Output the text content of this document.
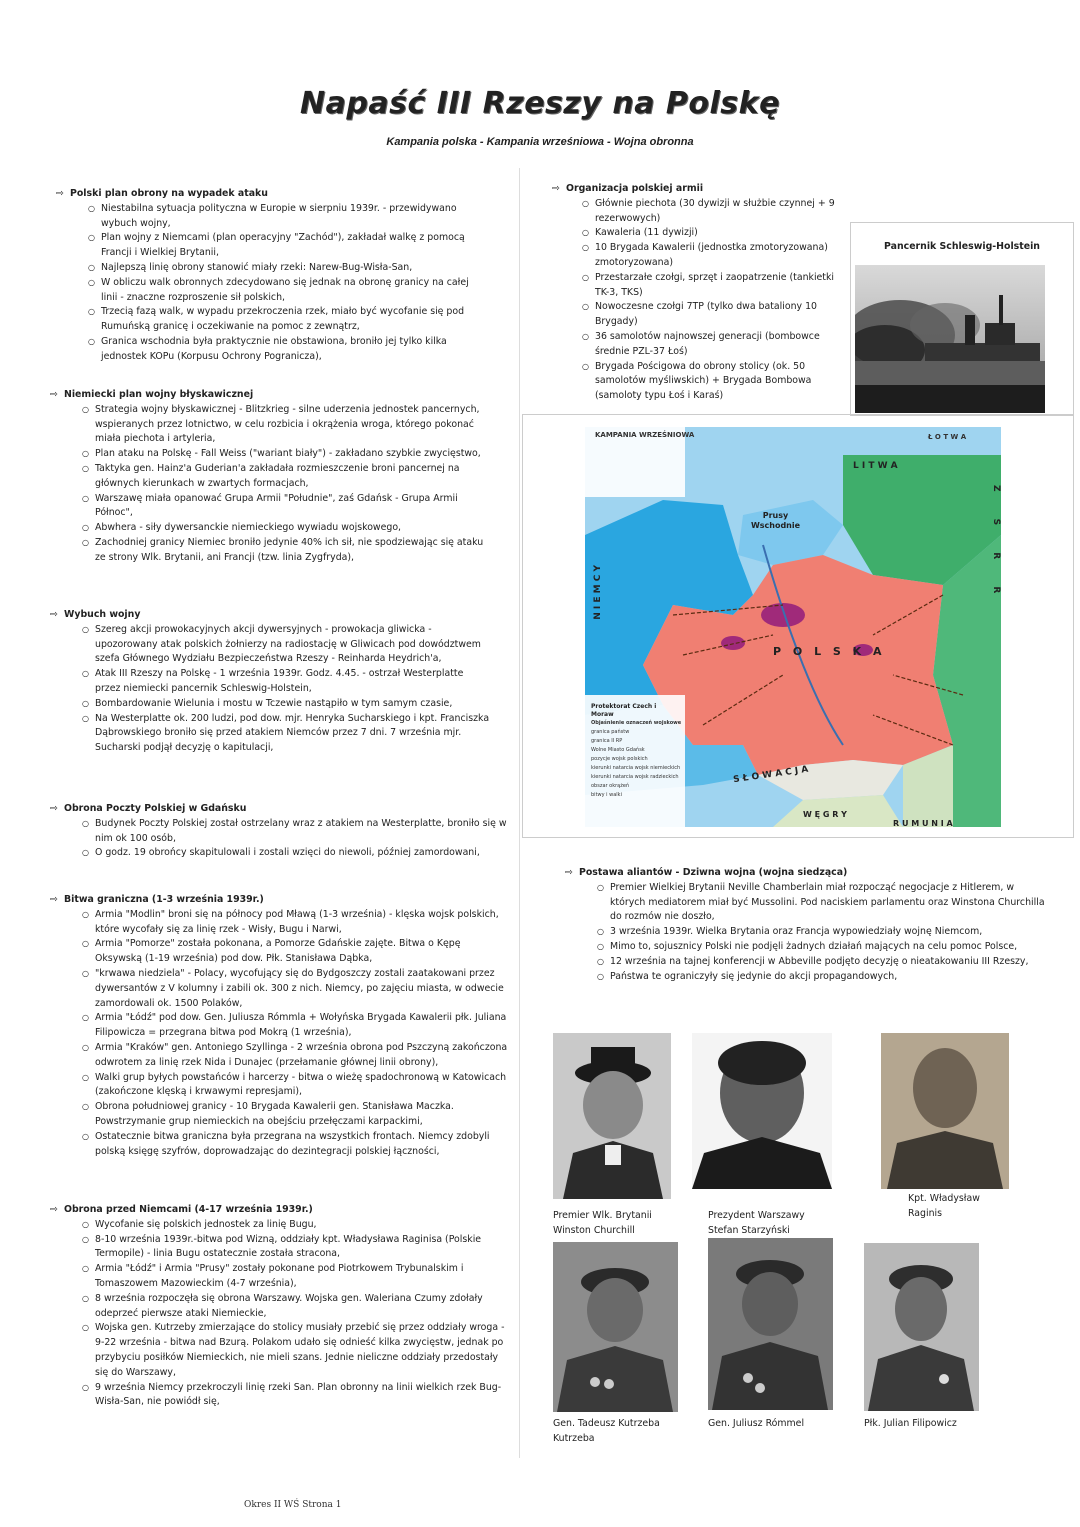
Napaść III Rzeszy na Polskę
Kampania polska - Kampania wrześniowa - Wojna obronna
⇨ Polski plan obrony na wypadek ataku
○ Niestabilna sytuacja polityczna w Europie w sierpniu 1939r. - przewidywano wybuch wojny,
○ Plan wojny z Niemcami (plan operacyjny "Zachód"), zakładał walkę z pomocą Francji i Wielkiej Brytanii,
○ Najlepszą linię obrony stanowić miały rzeki: Narew-Bug-Wisła-San,
○ W obliczu walk obronnych zdecydowano się jednak na obronę granicy na całej linii - znaczne rozproszenie sił polskich,
○ Trzecią fazą walk, w wypadu przekroczenia rzek, miało być wycofanie się pod Rumuńską granicę i oczekiwanie na pomoc z zewnątrz,
○ Granica wschodnia była praktycznie nie obstawiona, broniło jej tylko kilka jednostek KOPu (Korpusu Ochrony Pogranicza),
⇨ Niemiecki plan wojny błyskawicznej
○ Strategia wojny błyskawicznej - Blitzkrieg - silne uderzenia jednostek pancernych, wspieranych przez lotnictwo, w celu rozbicia i okrążenia wroga, którego pokonać miała piechota i artyleria,
○ Plan ataku na Polskę - Fall Weiss ("wariant biały") - zakładano szybkie zwycięstwo,
○ Taktyka gen. Hainz'a Guderian'a zakładała rozmieszczenie broni pancernej na głównych kierunkach w zwartych formacjach,
○ Warszawę miała opanować Grupa Armii "Południe", zaś Gdańsk - Grupa Armii Północ",
○ Abwhera - siły dywersanckie niemieckiego wywiadu wojskowego,
○ Zachodniej granicy Niemiec broniło jedynie 40% ich sił, nie spodziewając się ataku ze strony Wlk. Brytanii, ani Francji (tzw. linia Zygfryda),
⇨ Wybuch wojny
○ Szereg akcji prowokacyjnych akcji dywersyjnych - prowokacja gliwicka - upozorowany atak polskich żołnierzy na radiostację w Gliwicach pod dowództwem szefa Głównego Wydziału Bezpieczeństwa Rzeszy - Reinharda Heydrich'a,
○ Atak III Rzeszy na Polskę - 1 września 1939r. Godz. 4.45. - ostrzał Westerplatte przez niemiecki pancernik Schleswig-Holstein,
○ Bombardowanie Wielunia i mostu w Tczewie nastąpiło w tym samym czasie,
○ Na Westerplatte ok. 200 ludzi, pod dow. mjr. Henryka Sucharskiego i kpt. Franciszka Dąbrowskiego broniło się przed atakiem Niemców przez 7 dni. 7 września mjr. Sucharski podjął decyzję o kapitulacji,
⇨ Obrona Poczty Polskiej w Gdańsku
○ Budynek Poczty Polskiej został ostrzelany wraz z atakiem na Westerplatte, broniło się w nim ok 100 osób,
○ O godz. 19 obrońcy skapitulowali i zostali wzięci do niewoli, później zamordowani,
⇨ Bitwa graniczna (1-3 września 1939r.)
○ Armia "Modlin" broni się na północy pod Mławą (1-3 września) - klęska wojsk polskich, które wycofały się za linię rzek - Wisły, Bugu i Narwi,
○ Armia "Pomorze" została pokonana, a Pomorze Gdańskie zajęte. Bitwa o Kępę Oksywską (1-19 września) pod dow. Płk. Stanisława Dąbka,
○ "krwawa niedziela" - Polacy, wycofujący się do Bydgoszczy zostali zaatakowani przez dywersantów z V kolumny i zabili ok. 300 z nich. Niemcy, po zajęciu miasta, w odwecie zamordowali ok. 1500 Polaków,
○ Armia "Łódź" pod dow. Gen. Juliusza Rómmla + Wołyńska Brygada Kawalerii płk. Juliana Filipowicza = przegrana bitwa pod Mokrą (1 września),
○ Armia "Kraków" gen. Antoniego Szyllinga - 2 września obrona pod Pszczyną zakończona odwrotem za linię rzek Nida i Dunajec (przełamanie głównej linii obrony),
○ Walki grup byłych powstańców i harcerzy - bitwa o wieżę spadochronową w Katowicach (zakończone klęską i krwawymi represjami),
○ Obrona południowej granicy - 10 Brygada Kawalerii gen. Stanisława Maczka. Powstrzymanie grup niemieckich na obejściu przełęczami karpackimi,
○ Ostatecznie bitwa graniczna była przegrana na wszystkich frontach. Niemcy zdobyli polską księgę szyfrów, doprowadzając do dezintegracji polskiej łączności,
⇨ Obrona przed Niemcami (4-17 września 1939r.)
○ Wycofanie się polskich jednostek za linię Bugu,
○ 8-10 września 1939r.-bitwa pod Wizną, oddziały kpt. Władysława Raginisa (Polskie Termopile) - linia Bugu ostatecznie została stracona,
○ Armia "Łódź" i Armia "Prusy" zostały pokonane pod Piotrkowem Trybunalskim i Tomaszowem Mazowieckim (4-7 września),
○ 8 września rozpoczęła się obrona Warszawy. Wojska gen. Waleriana Czumy zdołały odeprzeć pierwsze ataki Niemieckie,
○ Wojska gen. Kutrzeby zmierzające do stolicy musiały przebić się przez oddziały wroga - 9-22 września - bitwa nad Bzurą. Polakom udało się odnieść kilka zwycięstw, jednak po przybyciu posiłków Niemieckich, nie mieli szans. Jednie nieliczne oddziały przedostały się do Warszawy,
○ 9 września Niemcy przekroczyli linię rzeki San. Plan obronny na linii wielkich rzek Bug-Wisła-San, nie powiódł się,
⇨ Organizacja polskiej armii
○ Głównie piechota (30 dywizji w służbie czynnej + 9 rezerwowych)
○ Kawaleria (11 dywizji)
○ 10 Brygada Kawalerii (jednostka zmotoryzowana) zmotoryzowana)
○ Przestarzałe czołgi, sprzęt i zaopatrzenie (tankietki TK-3, TKS)
○ Nowoczesne czołgi 7TP (tylko dwa bataliony 10 Brygady)
○ 36 samolotów najnowszej generacji (bombowce średnie PZL-37 Łoś)
○ Brygada Pościgowa do obrony stolicy (ok. 50 samolotów myśliwskich) + Brygada Bombowa (samoloty typu Łoś i Karaś)
Pancernik Schleswig-Holstein
KAMPANIA WRZEŚNIOWA	Ł O T W A
L I T W A
Prusy Wschodnie
N I E M C Y	Z S R R
P O L S K A
Protektorat Czech i Moraw
Objaśnienie oznaczeń wojskowe
granica państw
granica II RP
Wolne Miasto Gdańsk
pozycje wojsk polskich
kierunki natarcia wojsk niemieckich
kierunki natarcia wojsk radzieckich
obszar okrążeń
bitwy i walki
S Ł O W A C J A
W Ę G R Y
R U M U N I A
⇨ Postawa aliantów - Dziwna wojna (wojna siedząca)
○ Premier Wielkiej Brytanii Neville Chamberlain miał rozpocząć negocjacje z Hitlerem, w których mediatorem miał być Mussolini. Pod naciskiem parlamentu oraz Winstona Churchilla do rozmów nie doszło,
○ 3 września 1939r. Wielka Brytania oraz Francja wypowiedziały wojnę Niemcom,
○ Mimo to, sojusznicy Polski nie podjęli żadnych działań mających na celu pomoc Polsce,
○ 12 września na tajnej konferencji w Abbeville podjęto decyzję o nieatakowaniu III Rzeszy,
○ Państwa te ograniczyły się jedynie do akcji propagandowych,
Premier Wlk. Brytanii Winston Churchill
Prezydent Warszawy Stefan Starzyński
Kpt. Władysław Raginis
Gen. Tadeusz Kutrzeba Kutrzeba
Gen. Juliusz Rómmel	Płk. Julian Filipowicz
Okres II WŚ Strona 1
